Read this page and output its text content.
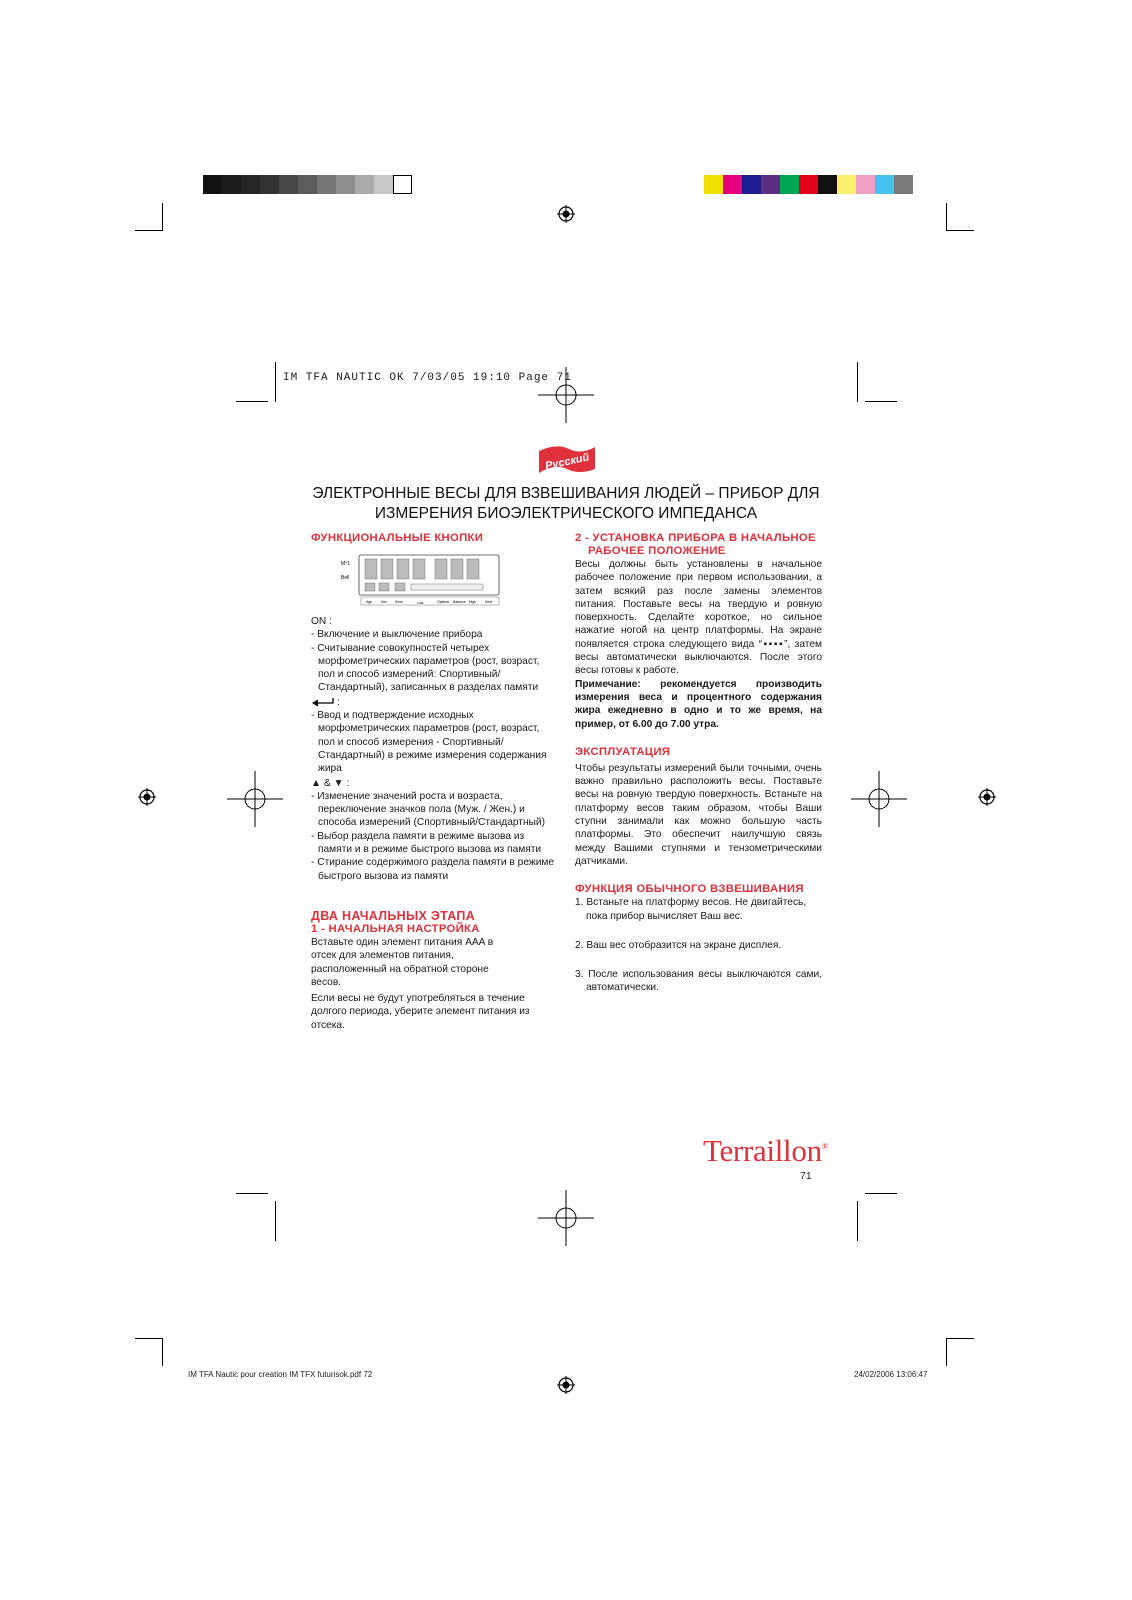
IM TFA NAUTIC OK 7/03/05 19:10 Page 71
Русский
ЭЛЕКТРОННЫЕ ВЕСЫ ДЛЯ ВЗВЕШИВАНИЯ ЛЮДЕЙ – ПРИБОР ДЛЯ
ИЗМЕРЕНИЯ БИОЭЛЕКТРИЧЕСКОГО ИМПЕДАНСА
ФУНКЦИОНАЛЬНЫЕ КНОПКИ
M°1
Bell
Age	Sex Sexe	Low	Optimal Balance High	Next
ON :
- Включение и выключение прибора
- Считывание совокупностей четырех морфометрических параметров (рост, возраст, пол и способ измерений: Спортивный/Стандартный), записанных в разделах памяти
:
- Ввод и подтверждение исходных морфометрических параметров (рост, возраст, пол и способ измерения - Спортивный/Стандартный) в режиме измерения содержания жира
▲ & ▼ :
- Изменение значений роста и возраста, переключение значков пола (Муж. / Жен.) и способа измерений (Спортивный/Стандартный)
- Выбор раздела памяти в режиме вызова из памяти и в режиме быстрого вызова из памяти
- Стирание содержимого раздела памяти в режиме быстрого вызова из памяти
ДВА НАЧАЛЬНЫХ ЭТАПА
1 - НАЧАЛЬНАЯ НАСТРОЙКА
Вставьте один элемент питания AAA в отсек для элементов питания, расположенный на обратной стороне весов.
Если весы не будут употребляться в течение долгого периода, уберите элемент питания из отсека.
2 - УСТАНОВКА ПРИБОРА В НАЧАЛЬНОЕ
РАБОЧЕЕ ПОЛОЖЕНИЕ
Весы должны быть установлены в начальное рабочее положение при первом использовании, а затем всякий раз после замены элементов питания. Поставьте весы на твердую и ровную поверхность. Сделайте короткое, но сильное нажатие ногой на центр платформы. На экране появляется строка следующего вида “▪▪▪▪”, затем весы автоматически выключаются. После этого весы готовы к работе.
Примечание: рекомендуется производить измерения веса и процентного содержания жира ежедневно в одно и то же время, на пример, от 6.00 до 7.00 утра.
ЭКСПЛУАТАЦИЯ
Чтобы результаты измерений были точными, очень важно правильно расположить весы. Поставьте весы на ровную твердую поверхность. Встаньте на платформу весов таким образом, чтобы Ваши ступни занимали как можно большую часть платформы. Это обеспечит наилучшую связь между Вашими ступнями и тензометрическими датчиками.
ФУНКЦИЯ ОБЫЧНОГО ВЗВЕШИВАНИЯ
1. Встаньте на платформу весов. Не двигайтесь, пока прибор вычисляет Ваш вес.
2. Ваш вес отобразится на экране дисплея.
3. После использования весы выключаются сами, автоматически.
Terraillon®
71
IM TFA Nautic pour creation IM TFX futurisok.pdf 72	24/02/2006 13:06:47
